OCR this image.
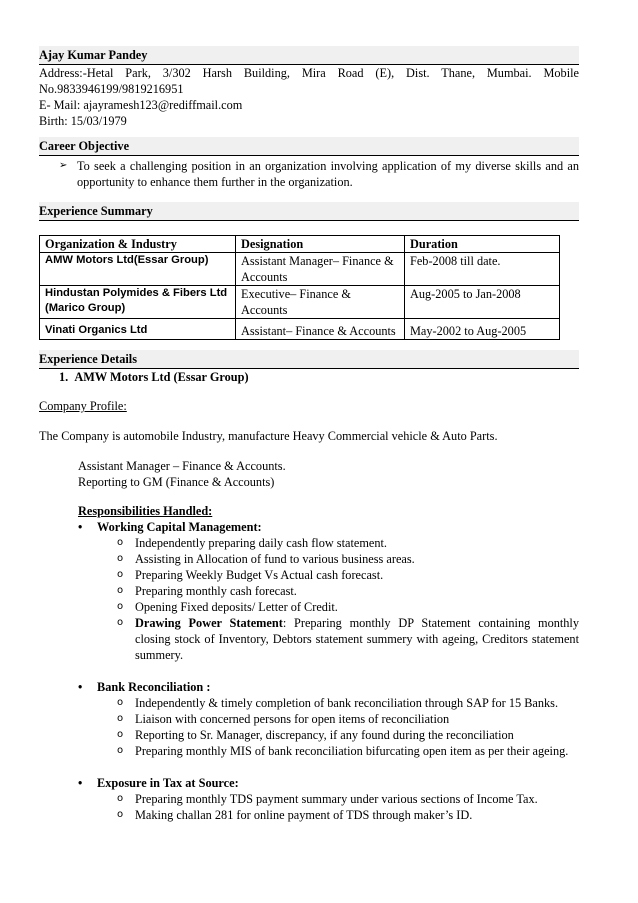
Ajay Kumar Pandey
Address:-Hetal Park, 3/302 Harsh Building, Mira Road (E), Dist. Thane, Mumbai. Mobile No.9833946199/9819216951
E- Mail: ajayramesh123@rediffmail.com
Birth: 15/03/1979
Career Objective
➢ To seek a challenging position in an organization involving application of my diverse skills and an opportunity to enhance them further in the organization.
Experience Summary
Organization & Industry	Designation	Duration
AMW Motors Ltd(Essar Group)	Assistant Manager– Finance & Accounts	Feb-2008 till date.
Hindustan Polymides & Fibers Ltd (Marico Group)	Executive– Finance & Accounts	Aug-2005 to Jan-2008
Vinati Organics Ltd	Assistant– Finance & Accounts	May-2002 to Aug-2005
Experience Details
1.  AMW Motors Ltd (Essar Group)
Company Profile:
The Company is automobile Industry, manufacture Heavy Commercial vehicle & Auto Parts.
Assistant Manager – Finance & Accounts.
Reporting to GM (Finance & Accounts)
Responsibilities Handled:
•	Working Capital Management:
o Independently preparing daily cash flow statement.
o Assisting in Allocation of fund to various business areas.
o Preparing Weekly Budget Vs Actual cash forecast.
o Preparing monthly cash forecast.
o Opening Fixed deposits/ Letter of Credit.
o Drawing Power Statement: Preparing monthly DP Statement containing monthly closing stock of Inventory, Debtors statement summery with ageing, Creditors statement summery.
•	Bank Reconciliation :
o Independently & timely completion of bank reconciliation through SAP for 15 Banks.
o Liaison with concerned persons for open items of reconciliation
o Reporting to Sr. Manager, discrepancy, if any found during the reconciliation
o Preparing monthly MIS of bank reconciliation bifurcating open item as per their ageing.
•	Exposure in Tax at Source:
o Preparing monthly TDS payment summary under various sections of Income Tax.
o Making challan 281 for online payment of TDS through maker’s ID.
